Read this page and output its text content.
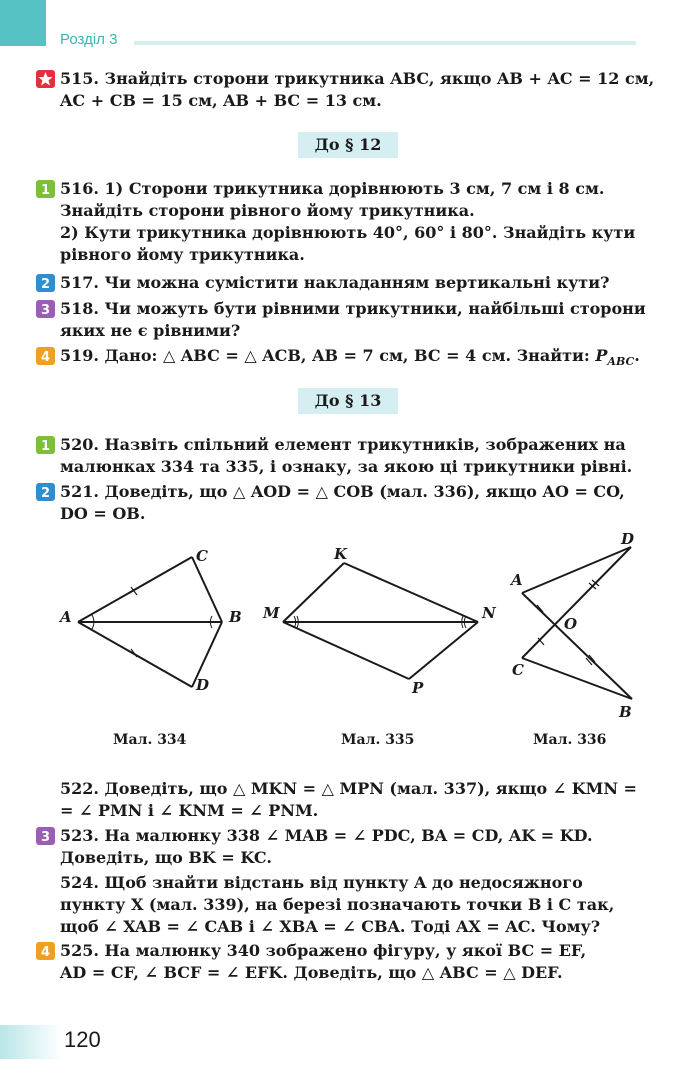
Розділ 3
515. Знайдіть сторони трикутника ABC, якщо AB + AC = 12 см,
AC + CB = 15 см, AB + BC = 13 см.
До § 12
1 516. 1) Сторони трикутника дорівнюють 3 см, 7 см і 8 см.
Знайдіть сторони рівного йому трикутника.
2) Кути трикутника дорівнюють 40°, 60° і 80°. Знайдіть кути
рівного йому трикутника.
2 517. Чи можна сумістити накладанням вертикальні кути?
3 518. Чи можуть бути рівними трикутники, найбільші сторони
яких не є рівними?
4 519. Дано: △ ABC = △ ACB, AB = 7 см, BC = 4 см. Знайти: $P_{ABC}$.
До § 13
1 520. Назвіть спільний елемент трикутників, зображених на
малюнках 334 та 335, і ознаку, за якою ці трикутники рівні.
2 521. Доведіть, що △ AOD = △ COB (мал. 336), якщо AO = CO,
DO = OB.
A	B
C
D
K
M	N
P
A
B
C
D
O
Мал. 334	Мал. 335	Мал. 336
522. Доведіть, що △ MKN = △ MPN (мал. 337), якщо ∠ KMN =
= ∠ PMN і ∠ KNM = ∠ PNM.
3 523. На малюнку 338 ∠ MAB = ∠ PDC, BA = CD, AK = KD.
Доведіть, що BK = KC.
524. Щоб знайти відстань від пункту A до недосяжного
пункту X (мал. 339), на березі позначають точки B і C так,
щоб ∠ XAB = ∠ CAB і ∠ XBA = ∠ CBA. Тоді AX = AC. Чому?
4 525. На малюнку 340 зображено фігуру, у якої BC = EF,
AD = CF, ∠ BCF = ∠ EFK. Доведіть, що △ ABC = △ DEF.
120
